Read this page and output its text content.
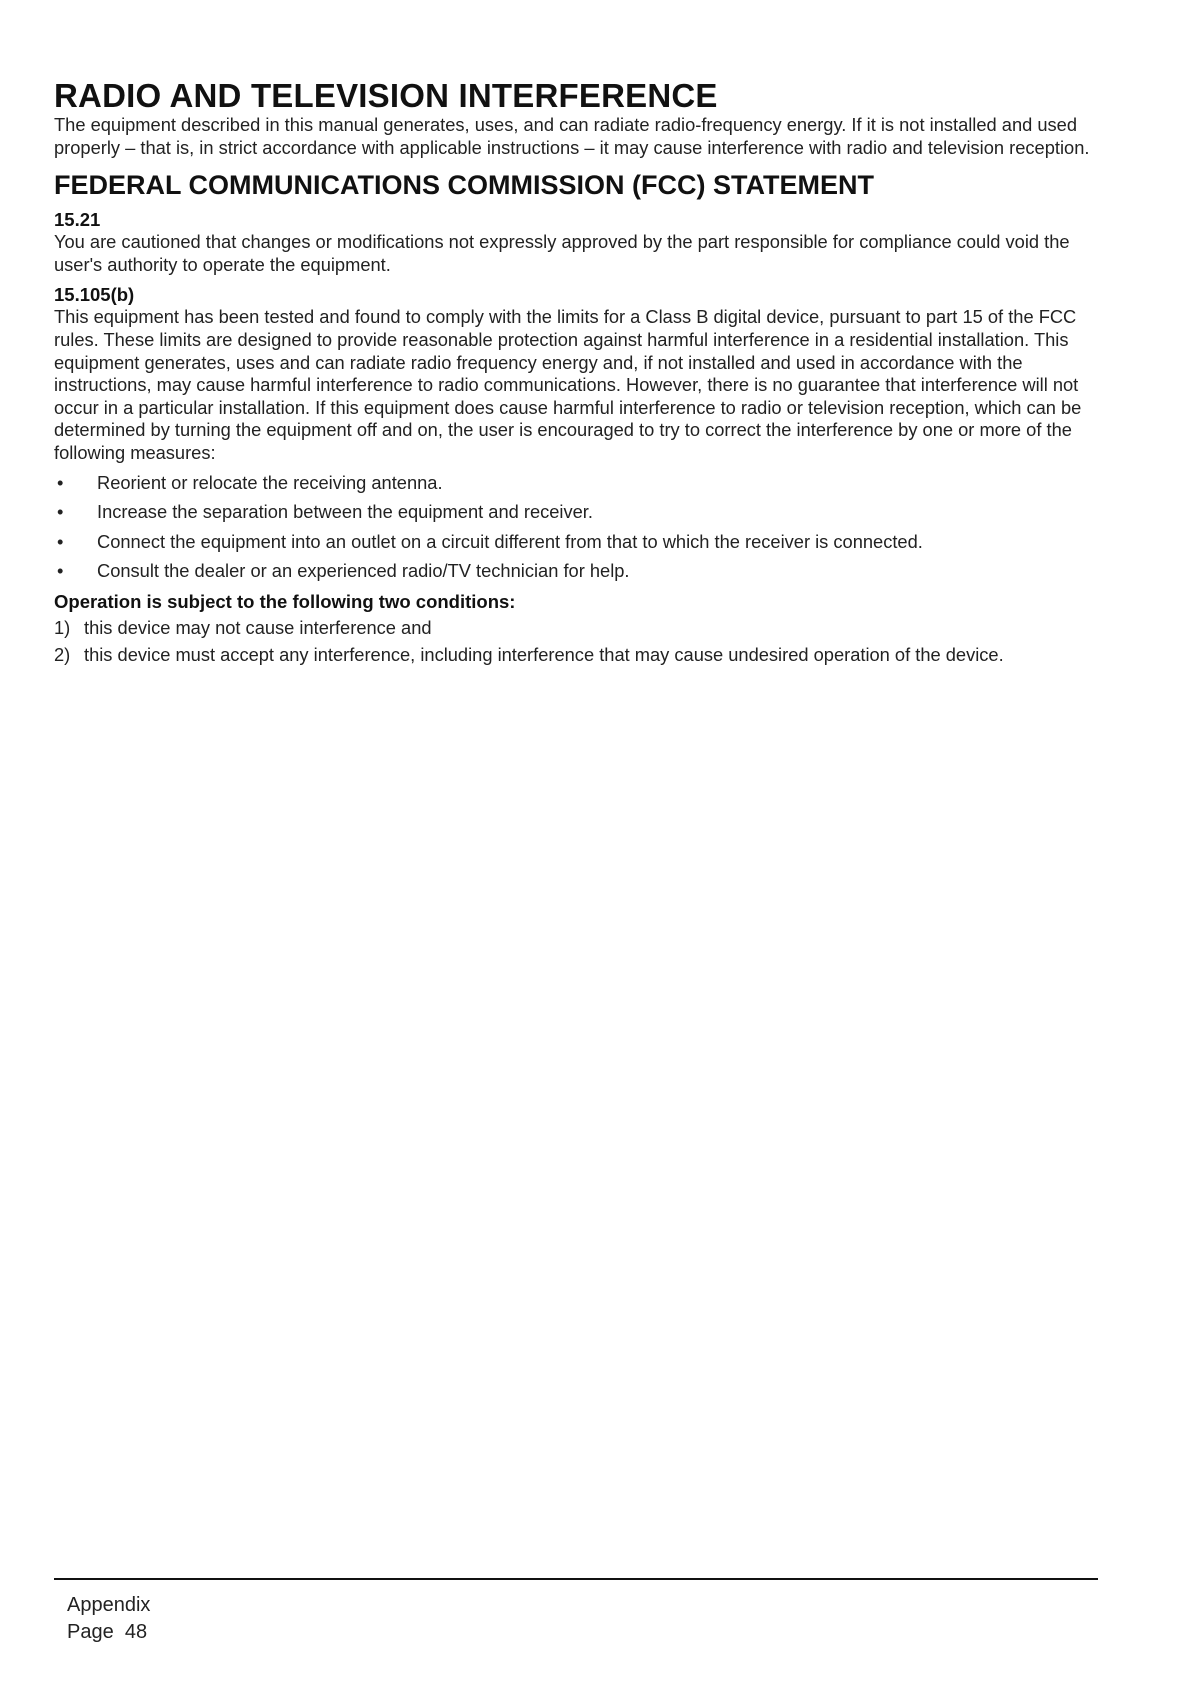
RADIO AND TELEVISION INTERFERENCE

The equipment described in this manual generates, uses, and can radiate radio-frequency energy. If it is not installed and used properly – that is, in strict accordance with applicable instructions – it may cause interference with radio and television reception.

FEDERAL COMMUNICATIONS COMMISSION (FCC) STATEMENT
15.21

You are cautioned that changes or modifications not expressly approved by the part responsible for compliance could void the user's authority to operate the equipment.

15.105(b)

This equipment has been tested and found to comply with the limits for a Class B digital device, pursuant to part 15 of the FCC rules. These limits are designed to provide reasonable protection against harmful interference in a residential installation. This equipment generates, uses and can radiate radio frequency energy and, if not installed and used in accordance with the instructions, may cause harmful interference to radio communications. However, there is no guarantee that interference will not occur in a particular installation. If this equipment does cause harmful interference to radio or television reception, which can be determined by turning the equipment off and on, the user is encouraged to try to correct the interference by one or more of the following measures:

• Reorient or relocate the receiving antenna.
• Increase the separation between the equipment and receiver.
• Connect the equipment into an outlet on a circuit different from that to which the receiver is connected.
• Consult the dealer or an experienced radio/TV technician for help.
Operation is subject to the following two conditions:
1) this device may not cause interference and
2) this device must accept any interference, including interference that may cause undesired operation of the device.
Appendix
Page  48
